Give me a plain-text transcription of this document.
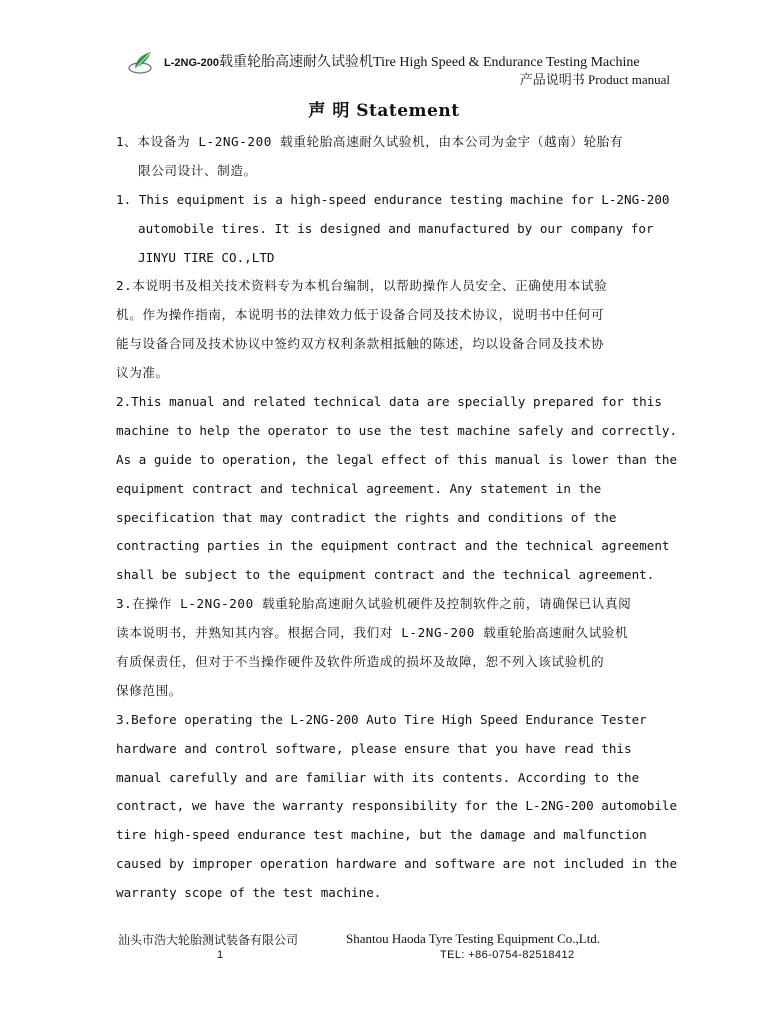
L-2NG-200载重轮胎高速耐久试验机Tire High Speed & Endurance Testing Machine
产品说明书 Product manual
声 明 Statement
1、本设备为 L-2NG-200 载重轮胎高速耐久试验机，由本公司为金宇（越南）轮胎有
限公司设计、制造。
1. This equipment is a high-speed endurance testing machine for L-2NG-200
automobile tires. It is designed and manufactured by our company for
JINYU TIRE CO.,LTD
2.本说明书及相关技术资料专为本机台编制，以帮助操作人员安全、正确使用本试验
机。作为操作指南，本说明书的法律效力低于设备合同及技术协议，说明书中任何可
能与设备合同及技术协议中签约双方权利条款相抵触的陈述，均以设备合同及技术协
议为准。
2.This manual and related technical data are specially prepared for this
machine to help the operator to use the test machine safely and correctly.
As a guide to operation, the legal effect of this manual is lower than the
equipment contract and technical agreement. Any statement in the
specification that may contradict the rights and conditions of the
contracting parties in the equipment contract and the technical agreement
shall be subject to the equipment contract and the technical agreement.
3.在操作 L-2NG-200 载重轮胎高速耐久试验机硬件及控制软件之前，请确保已认真阅
读本说明书，并熟知其内容。根据合同，我们对 L-2NG-200 载重轮胎高速耐久试验机
有质保责任，但对于不当操作硬件及软件所造成的损坏及故障，恕不列入该试验机的
保修范围。
3.Before operating the L-2NG-200 Auto Tire High Speed Endurance Tester
hardware and control software, please ensure that you have read this
manual carefully and are familiar with its contents. According to the
contract, we have the warranty responsibility for the L-2NG-200 automobile
tire high-speed endurance test machine, but the damage and malfunction
caused by improper operation hardware and software are not included in the
warranty scope of the test machine.
汕头市浩大轮胎测试装备有限公司	Shantou Haoda Tyre Testing Equipment Co.,Ltd.
1	TEL: +86-0754-82518412
